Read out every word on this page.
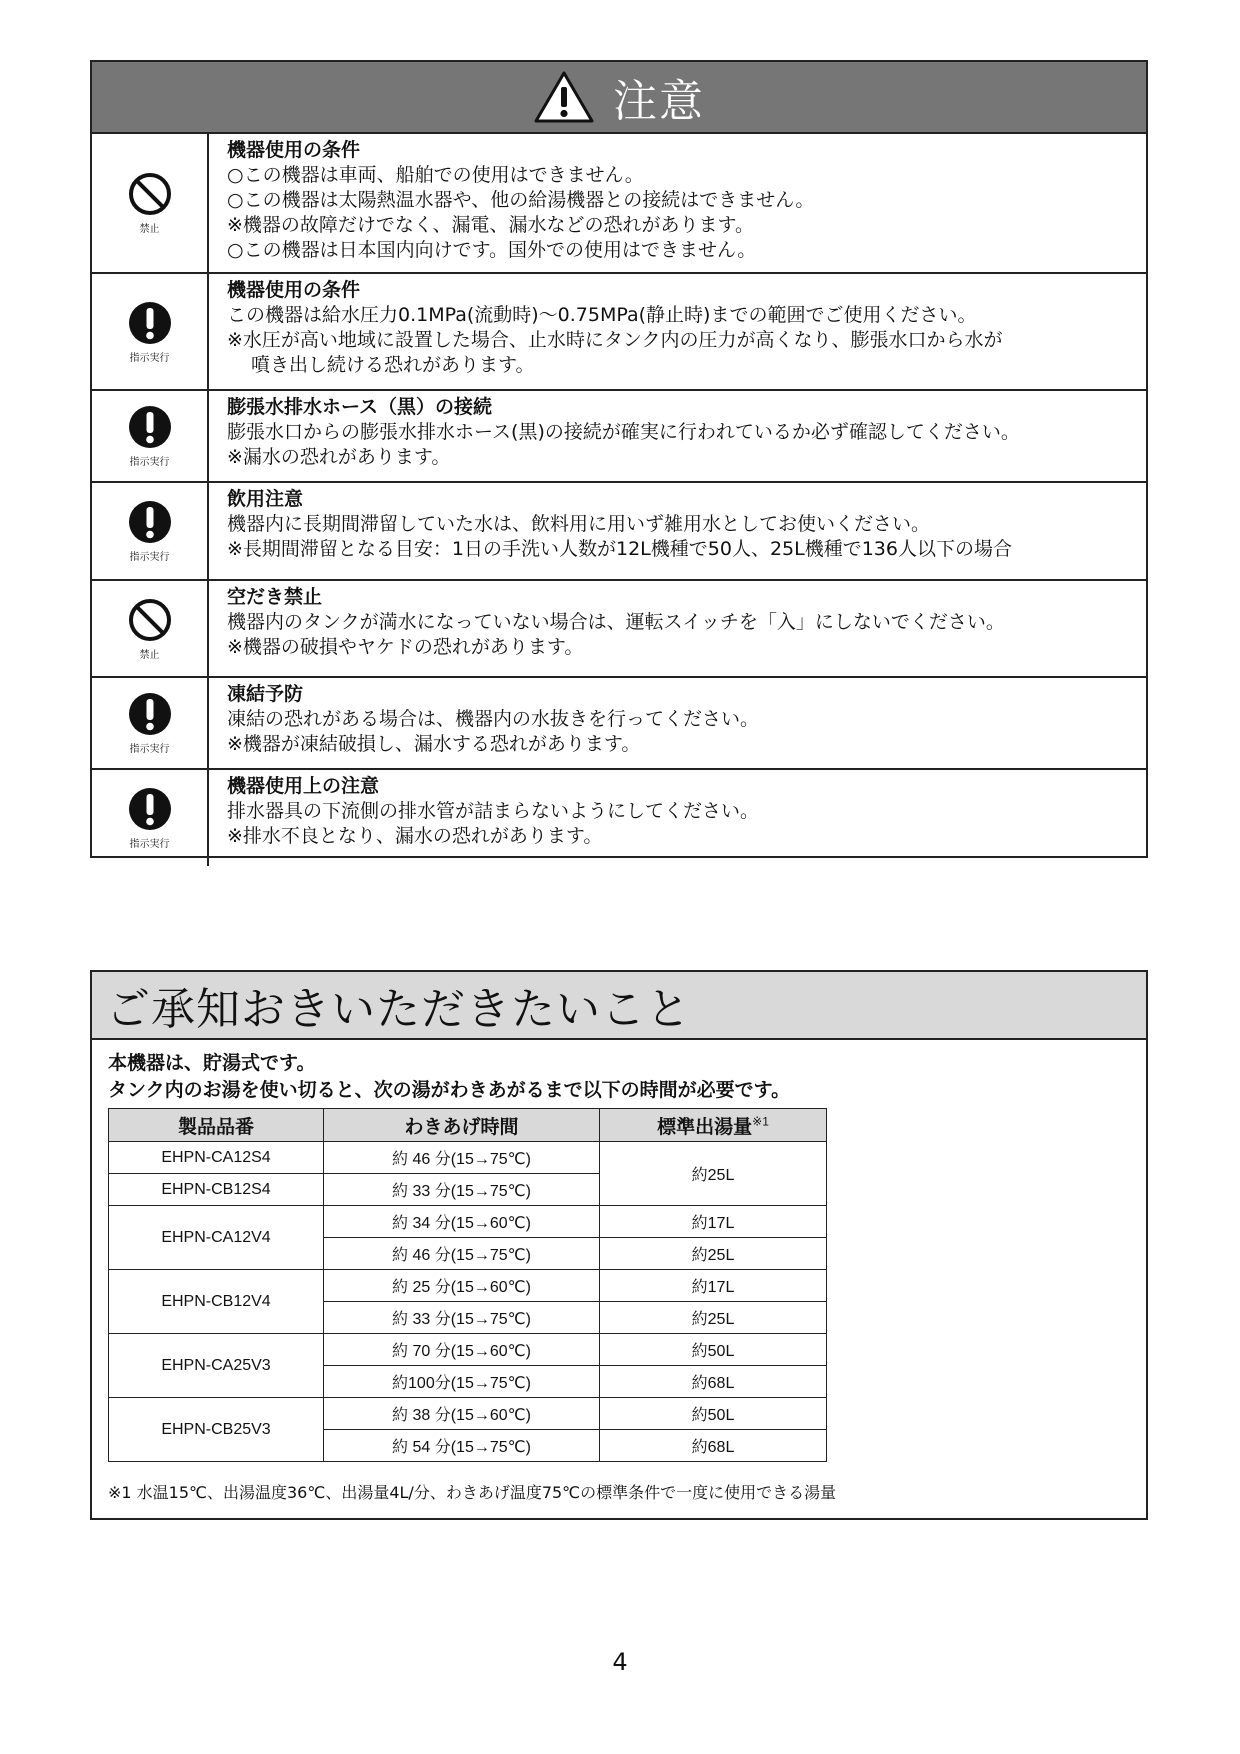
注意
禁止
機器使用の条件
○この機器は車両、船舶での使用はできません。
○この機器は太陽熱温水器や、他の給湯機器との接続はできません。
※機器の故障だけでなく、漏電、漏水などの恐れがあります。
○この機器は日本国内向けです。国外での使用はできません。
指示実行
機器使用の条件
この機器は給水圧力0.1MPa(流動時)～0.75MPa(静止時)までの範囲でご使用ください。
※水圧が高い地域に設置した場合、止水時にタンク内の圧力が高くなり、膨張水口から水が
噴き出し続ける恐れがあります。
指示実行
膨張水排水ホース（黒）の接続
膨張水口からの膨張水排水ホース(黒)の接続が確実に行われているか必ず確認してください。
※漏水の恐れがあります。
指示実行
飲用注意
機器内に長期間滞留していた水は、飲料用に用いず雑用水としてお使いください。
※長期間滞留となる目安：1日の手洗い人数が12L機種で50人、25L機種で136人以下の場合
禁止
空だき禁止
機器内のタンクが満水になっていない場合は、運転スイッチを「入」にしないでください。
※機器の破損やヤケドの恐れがあります。
指示実行
凍結予防
凍結の恐れがある場合は、機器内の水抜きを行ってください。
※機器が凍結破損し、漏水する恐れがあります。
指示実行
機器使用上の注意
排水器具の下流側の排水管が詰まらないようにしてください。
※排水不良となり、漏水の恐れがあります。
ご承知おきいただきたいこと
本機器は、貯湯式です。
タンク内のお湯を使い切ると、次の湯がわきあがるまで以下の時間が必要です。
製品品番	わきあげ時間	標準出湯量$^{※1}$
EHPN-CA12S4	約 46 分(15→75℃)	約25L
EHPN-CB12S4	約 33 分(15→75℃)	
EHPN-CA12V4	約 34 分(15→60℃)	約17L
	約 46 分(15→75℃)	約25L
EHPN-CB12V4	約 25 分(15→60℃)	約17L
	約 33 分(15→75℃)	約25L
EHPN-CA25V3	約 70 分(15→60℃)	約50L
	約100分(15→75℃)	約68L
EHPN-CB25V3	約 38 分(15→60℃)	約50L
	約 54 分(15→75℃)	約68L
※1 水温15℃、出湯温度36℃、出湯量4L/分、わきあげ温度75℃の標準条件で一度に使用できる湯量
4
